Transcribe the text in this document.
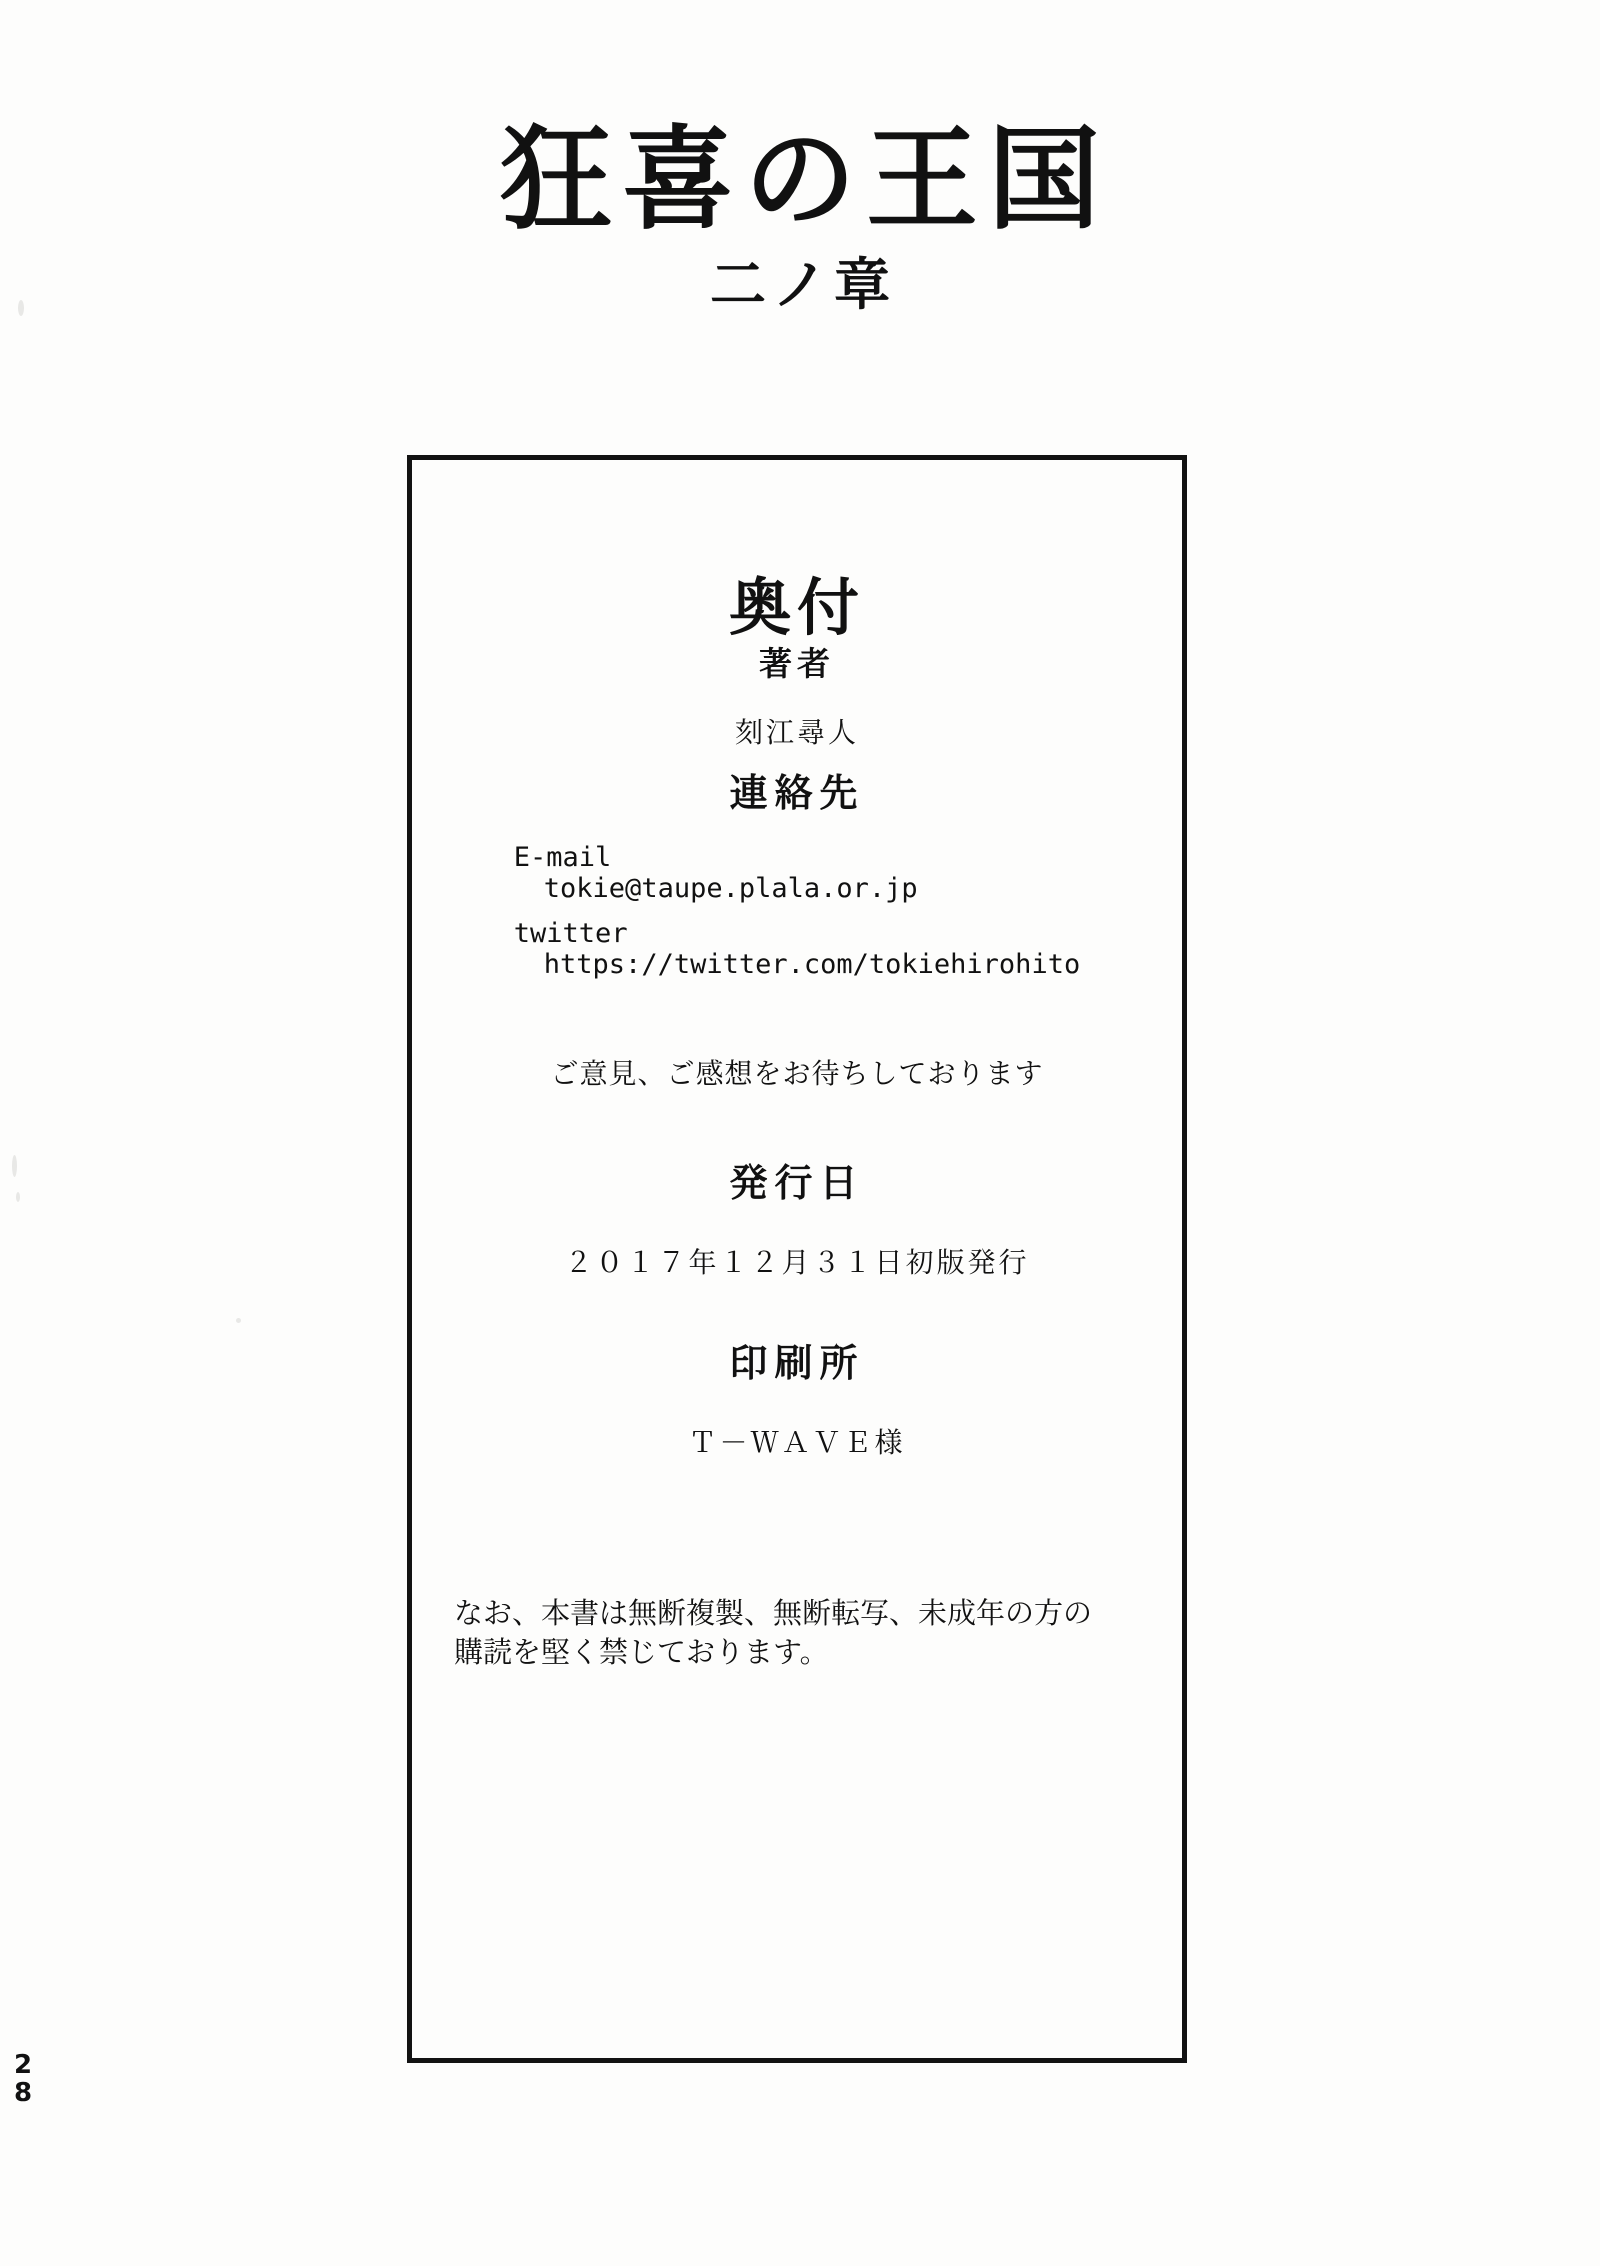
狂喜の王国
二ノ章
奥付

著者

刻江尋人

連絡先

E-mail

tokie@taupe.plala.or.jp

twitter

https://twitter.com/tokiehirohito

ご意見、ご感想をお待ちしております

発行日

２０１７年１２月３１日初版発行

印刷所

Ｔ－ＷＡＶＥ様

なお、本書は無断複製、無断転写、未成年の方の

購読を堅く禁じております。

2
8
